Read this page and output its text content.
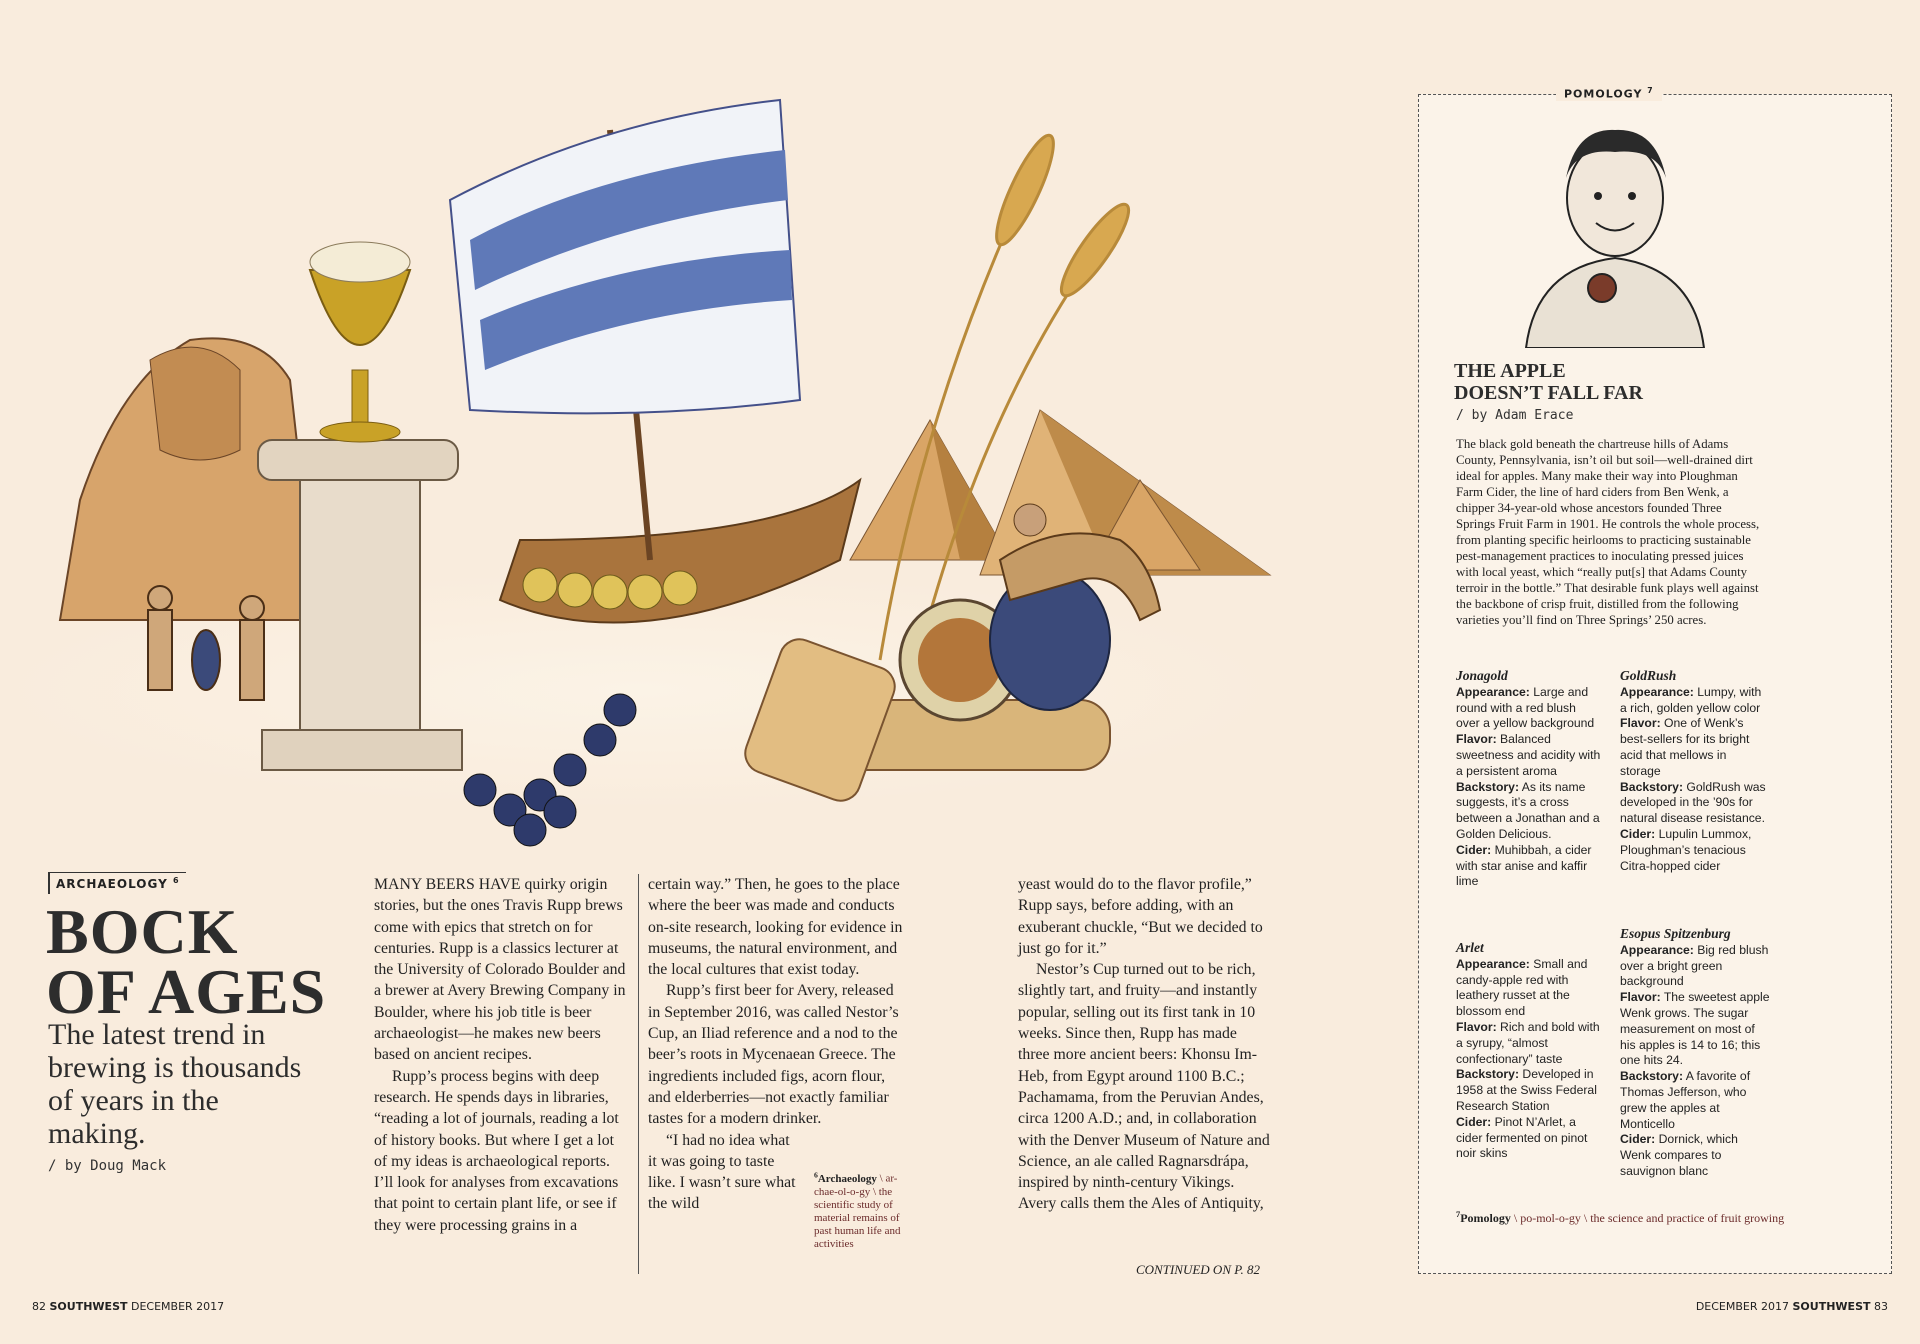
ARCHAEOLOGY $^6$
BOCK
OF AGES
The latest trend in brewing is thousands of years in the making.
/ by Doug Mack

MANY BEERS HAVE quirky origin stories, but the ones Travis Rupp brews come with epics that stretch on for centuries. Rupp is a classics lecturer at the University of Colorado Boulder and a brewer at Avery Brewing Company in Boulder, where his job title is beer archaeologist—he makes new beers based on ancient recipes.

Rupp’s process begins with deep research. He spends days in libraries, “reading a lot of journals, reading a lot of history books. But where I get a lot of my ideas is archaeological reports. I’ll look for analyses from excavations that point to certain plant life, or see if they were processing grains in a

certain way.” Then, he goes to the place where the beer was made and conducts on-site research, looking for evidence in museums, the natural environment, and the local cultures that exist today.

Rupp’s first beer for Avery, released in September 2016, was called Nestor’s Cup, an Iliad reference and a nod to the beer’s roots in Mycenaean Greece. The ingredients included figs, acorn flour, and elderberries—not exactly familiar tastes for a modern drinker.

“I had no idea what it was going to taste like. I wasn’t sure what the wild

$^6$Archaeology \ ar-chae-ol-o-gy \ the scientific study of material remains of past human life and activities

yeast would do to the flavor profile,” Rupp says, before adding, with an exuberant chuckle, “But we decided to just go for it.”

Nestor’s Cup turned out to be rich, slightly tart, and fruity—and instantly popular, selling out its first tank in 10 weeks. Since then, Rupp has made three more ancient beers: Khonsu Im-Heb, from Egypt around 1100 B.C.; Pachamama, from the Peruvian Andes, circa 1200 A.D.; and, in collaboration with the Denver Museum of Nature and Science, an ale called Ragnarsdrápa, inspired by ninth-century Vikings. Avery calls them the Ales of Antiquity,

CONTINUED ON P. 82
82 SOUTHWEST DECEMBER 2017
POMOLOGY $^7$
THE APPLE
DOESN’T FALL FAR
/ by Adam Erace
The black gold beneath the chartreuse hills of Adams County, Pennsylvania, isn’t oil but soil—well-drained dirt ideal for apples. Many make their way into Ploughman Farm Cider, the line of hard ciders from Ben Wenk, a chipper 34-year-old whose ancestors founded Three Springs Fruit Farm in 1901. He controls the whole process, from planting specific heirlooms to practicing sustainable pest-management practices to inoculating pressed juices with local yeast, which “really put[s] that Adams County terroir in the bottle.” That desirable funk plays well against the backbone of crisp fruit, distilled from the following varieties you’ll find on Three Springs’ 250 acres.
Jonagold
Appearance: Large and round with a red blush over a yellow background
Flavor: Balanced sweetness and acidity with a persistent aroma
Backstory: As its name suggests, it’s a cross between a Jonathan and a Golden Delicious.
Cider: Muhibbah, a cider with star anise and kaffir lime
GoldRush
Appearance: Lumpy, with a rich, golden yellow color
Flavor: One of Wenk’s best-sellers for its bright acid that mellows in storage
Backstory: GoldRush was developed in the ’90s for natural disease resistance.
Cider: Lupulin Lummox, Ploughman’s tenacious Citra-hopped cider
Arlet
Appearance: Small and candy-apple red with leathery russet at the blossom end
Flavor: Rich and bold with a syrupy, “almost confectionary” taste
Backstory: Developed in 1958 at the Swiss Federal Research Station
Cider: Pinot N’Arlet, a cider fermented on pinot noir skins
Esopus Spitzenburg
Appearance: Big red blush over a bright green background
Flavor: The sweetest apple Wenk grows. The sugar measurement on most of his apples is 14 to 16; this one hits 24.
Backstory: A favorite of Thomas Jefferson, who grew the apples at Monticello
Cider: Dornick, which Wenk compares to sauvignon blanc
$^7$Pomology \ po-mol-o-gy \ the science and practice of fruit growing
DECEMBER 2017 SOUTHWEST 83
